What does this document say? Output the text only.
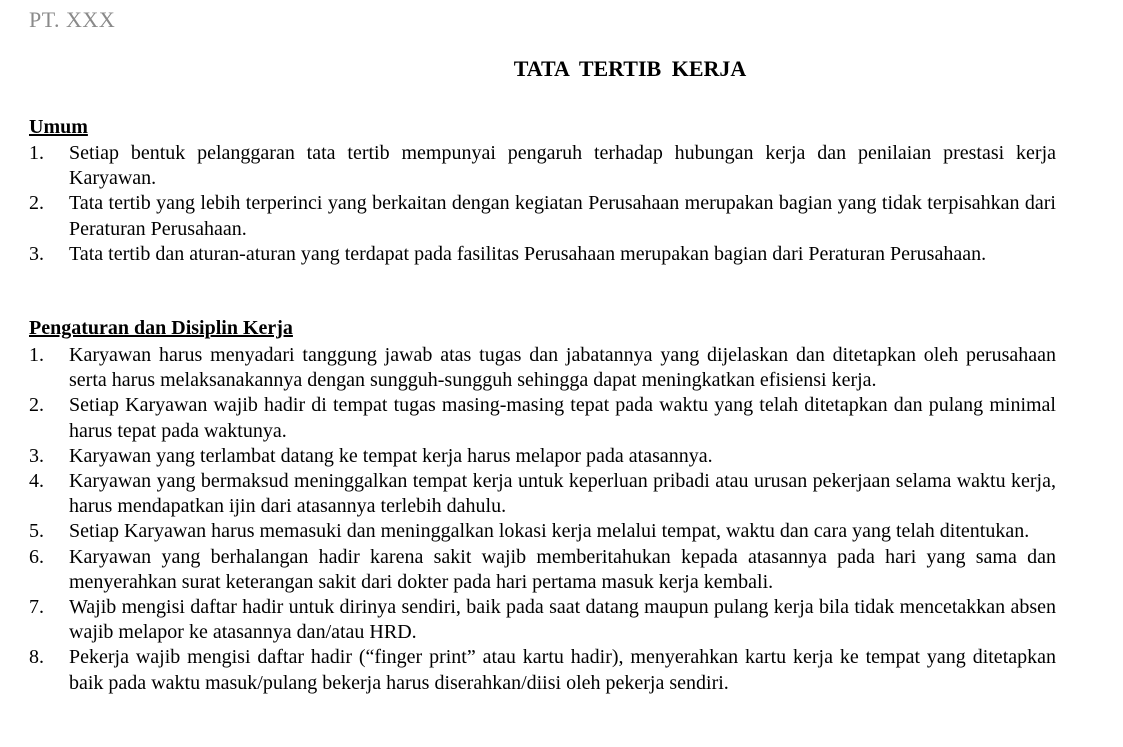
PT. XXX
TATA TERTIB KERJA
Umum
1. Setiap bentuk pelanggaran tata tertib mempunyai pengaruh terhadap hubungan kerja dan penilaian prestasi kerja Karyawan.
2. Tata tertib yang lebih terperinci yang berkaitan dengan kegiatan Perusahaan merupakan bagian yang tidak terpisahkan dari Peraturan Perusahaan.
3. Tata tertib dan aturan-aturan yang terdapat pada fasilitas Perusahaan merupakan bagian dari Peraturan Perusahaan.
Pengaturan dan Disiplin Kerja
1. Karyawan harus menyadari tanggung jawab atas tugas dan jabatannya yang dijelaskan dan ditetapkan oleh perusahaan serta harus melaksanakannya dengan sungguh-sungguh sehingga dapat meningkatkan efisiensi kerja.
2. Setiap Karyawan wajib hadir di tempat tugas masing-masing tepat pada waktu yang telah ditetapkan dan pulang minimal harus tepat pada waktunya.
3. Karyawan yang terlambat datang ke tempat kerja harus melapor pada atasannya.
4. Karyawan yang bermaksud meninggalkan tempat kerja untuk keperluan pribadi atau urusan pekerjaan selama waktu kerja, harus mendapatkan ijin dari atasannya terlebih dahulu.
5. Setiap Karyawan harus memasuki dan meninggalkan lokasi kerja melalui tempat, waktu dan cara yang telah ditentukan.
6. Karyawan yang berhalangan hadir karena sakit wajib memberitahukan kepada atasannya pada hari yang sama dan menyerahkan surat keterangan sakit dari dokter pada hari pertama masuk kerja kembali.
7. Wajib mengisi daftar hadir untuk dirinya sendiri, baik pada saat datang maupun pulang kerja bila tidak mencetakkan absen wajib melapor ke atasannya dan/atau HRD.
8. Pekerja wajib mengisi daftar hadir (“finger print” atau kartu hadir), menyerahkan kartu kerja ke tempat yang ditetapkan baik pada waktu masuk/pulang bekerja harus diserahkan/diisi oleh pekerja sendiri.
